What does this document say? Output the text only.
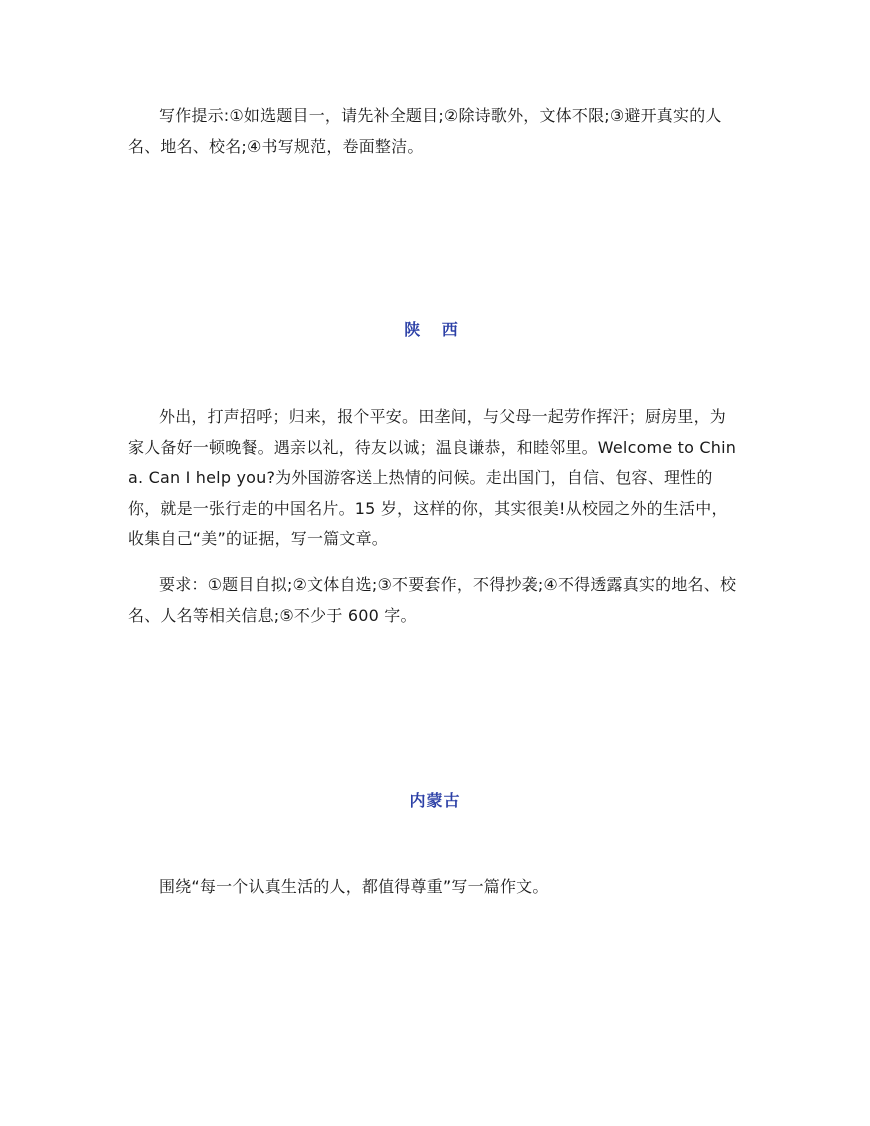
写作提示:①如选题目一，请先补全题目;②除诗歌外，文体不限;③避开真实的人名、地名、校名;④书写规范，卷面整洁。

陕 西

外出，打声招呼；归来，报个平安。田垄间，与父母一起劳作挥汗；厨房里，为家人备好一顿晚餐。遇亲以礼，待友以诚；温良谦恭，和睦邻里。Welcome to China. Can I help you?为外国游客送上热情的问候。走出国门，自信、包容、理性的你，就是一张行走的中国名片。15 岁，这样的你，其实很美!从校园之外的生活中，收集自己“美”的证据，写一篇文章。

要求：①题目自拟;②文体自选;③不要套作，不得抄袭;④不得透露真实的地名、校名、人名等相关信息;⑤不少于 600 字。

内蒙古

围绕“每一个认真生活的人，都值得尊重”写一篇作文。
